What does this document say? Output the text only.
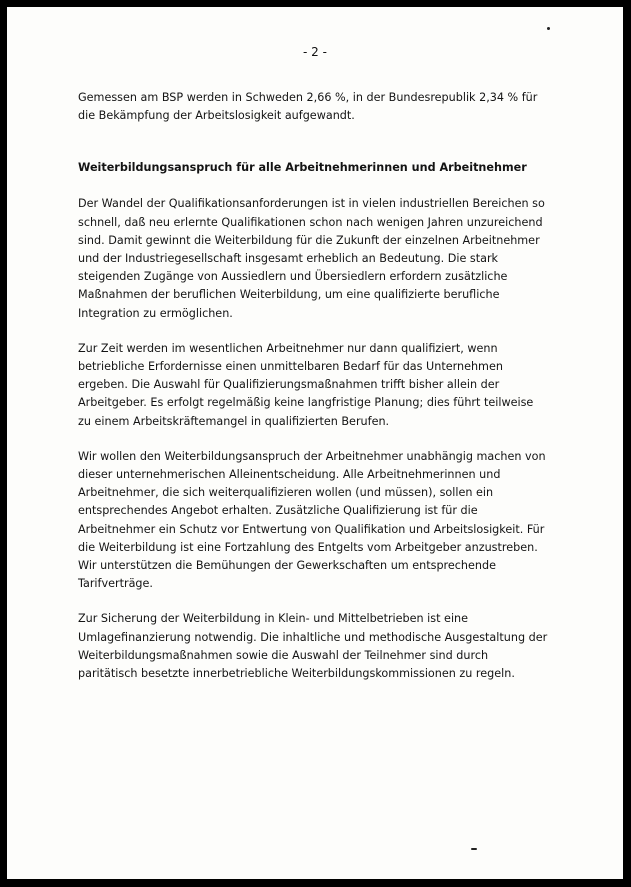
- 2 -

Gemessen am BSP werden in Schweden 2,66 %, in der Bundesrepublik 2,34 % für die Bekämpfung der Arbeitslosigkeit aufgewandt.

Weiterbildungsanspruch für alle Arbeitnehmerinnen und Arbeitnehmer

Der Wandel der Qualifikationsanforderungen ist in vielen industriellen Bereichen so schnell, daß neu erlernte Qualifikationen schon nach wenigen Jahren unzureichend sind. Damit gewinnt die Weiterbildung für die Zukunft der einzelnen Arbeitnehmer und der Industriegesellschaft insgesamt erheblich an Bedeutung. Die stark steigenden Zugänge von Aussiedlern und Übersiedlern erfordern zusätzliche Maßnahmen der beruflichen Weiterbildung, um eine qualifizierte berufliche Integration zu ermöglichen.

Zur Zeit werden im wesentlichen Arbeitnehmer nur dann qualifiziert, wenn betriebliche Erfordernisse einen unmittelbaren Bedarf für das Unternehmen ergeben. Die Auswahl für Qualifizierungsmaßnahmen trifft bisher allein der Arbeitgeber. Es erfolgt regelmäßig keine langfristige Planung; dies führt teilweise zu einem Arbeitskräftemangel in qualifizierten Berufen.

Wir wollen den Weiterbildungsanspruch der Arbeitnehmer unabhängig machen von dieser unternehmerischen Alleinentscheidung. Alle Arbeitnehmerinnen und Arbeitnehmer, die sich weiterqualifizieren wollen (und müssen), sollen ein entsprechendes Angebot erhalten. Zusätzliche Qualifizierung ist für die Arbeitnehmer ein Schutz vor Entwertung von Qualifikation und Arbeitslosigkeit. Für die Weiterbildung ist eine Fortzahlung des Entgelts vom Arbeitgeber anzustreben. Wir unterstützen die Bemühungen der Gewerkschaften um entsprechende Tarifverträge.

Zur Sicherung der Weiterbildung in Klein- und Mittelbetrieben ist eine Umlagefinanzierung notwendig. Die inhaltliche und methodische Ausgestaltung der Weiterbildungsmaßnahmen sowie die Auswahl der Teilnehmer sind durch paritätisch besetzte innerbetriebliche Weiterbildungskommissionen zu regeln.
